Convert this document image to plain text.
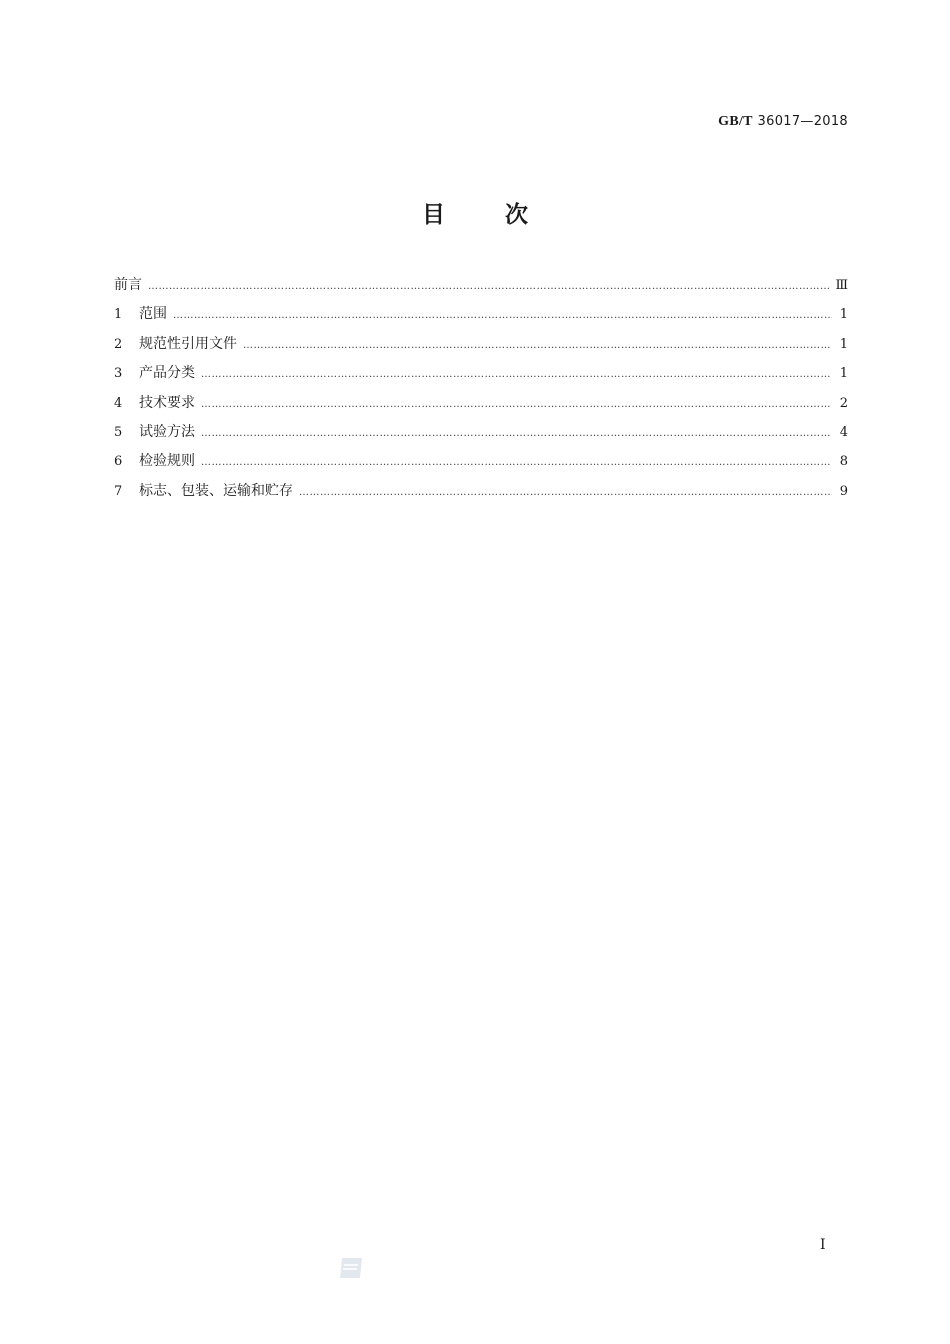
GB/T 36017—2018
目	次
前言 ……………………………………………………………………………………………………………………………………………………………………………………	Ⅲ
1	范围 ……………………………………………………………………………………………………………………………………………………………………………………	1
2	规范性引用文件 ……………………………………………………………………………………………………………………………………………………………………………………	1
3	产品分类 ……………………………………………………………………………………………………………………………………………………………………………………	1
4	技术要求 ……………………………………………………………………………………………………………………………………………………………………………………	2
5	试验方法 ……………………………………………………………………………………………………………………………………………………………………………………	4
6	检验规则 ……………………………………………………………………………………………………………………………………………………………………………………	8
7	标志、包装、运输和贮存 ……………………………………………………………………………………………………………………………………………………………………………………	9
Ⅰ
